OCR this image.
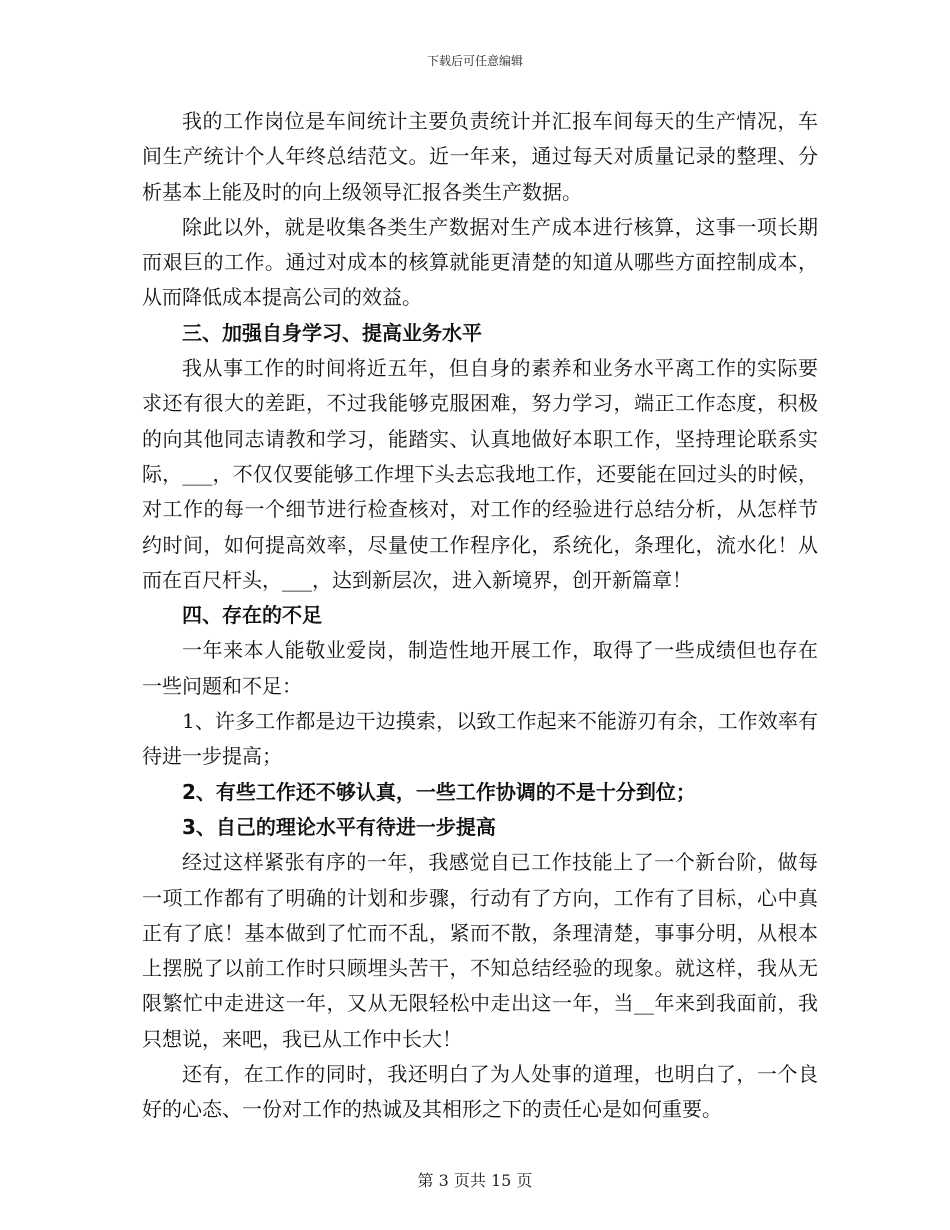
下载后可任意编辑

我的工作岗位是车间统计主要负责统计并汇报车间每天的生产情况，车间生产统计个人年终总结范文。近一年来，通过每天对质量记录的整理、分析基本上能及时的向上级领导汇报各类生产数据。

除此以外，就是收集各类生产数据对生产成本进行核算，这事一项长期而艰巨的工作。通过对成本的核算就能更清楚的知道从哪些方面控制成本，从而降低成本提高公司的效益。

三、加强自身学习、提高业务水平

我从事工作的时间将近五年，但自身的素养和业务水平离工作的实际要求还有很大的差距，不过我能够克服困难，努力学习，端正工作态度，积极的向其他同志请教和学习，能踏实、认真地做好本职工作，坚持理论联系实际，___，不仅仅要能够工作埋下头去忘我地工作，还要能在回过头的时候，对工作的每一个细节进行检查核对，对工作的经验进行总结分析，从怎样节约时间，如何提高效率，尽量使工作程序化，系统化，条理化，流水化！从而在百尺杆头，___，达到新层次，进入新境界，创开新篇章！

四、存在的不足

一年来本人能敬业爱岗，制造性地开展工作，取得了一些成绩但也存在一些问题和不足：

1、许多工作都是边干边摸索，以致工作起来不能游刃有余，工作效率有待进一步提高；

2、有些工作还不够认真，一些工作协调的不是十分到位；

3、自己的理论水平有待进一步提高

经过这样紧张有序的一年，我感觉自已工作技能上了一个新台阶，做每一项工作都有了明确的计划和步骤，行动有了方向，工作有了目标，心中真正有了底！基本做到了忙而不乱，紧而不散，条理清楚，事事分明，从根本上摆脱了以前工作时只顾埋头苦干，不知总结经验的现象。就这样，我从无限繁忙中走进这一年，又从无限轻松中走出这一年，当__年来到我面前，我只想说，来吧，我已从工作中长大！

还有，在工作的同时，我还明白了为人处事的道理，也明白了，一个良好的心态、一份对工作的热诚及其相形之下的责任心是如何重要。

第 3 页共 15 页
